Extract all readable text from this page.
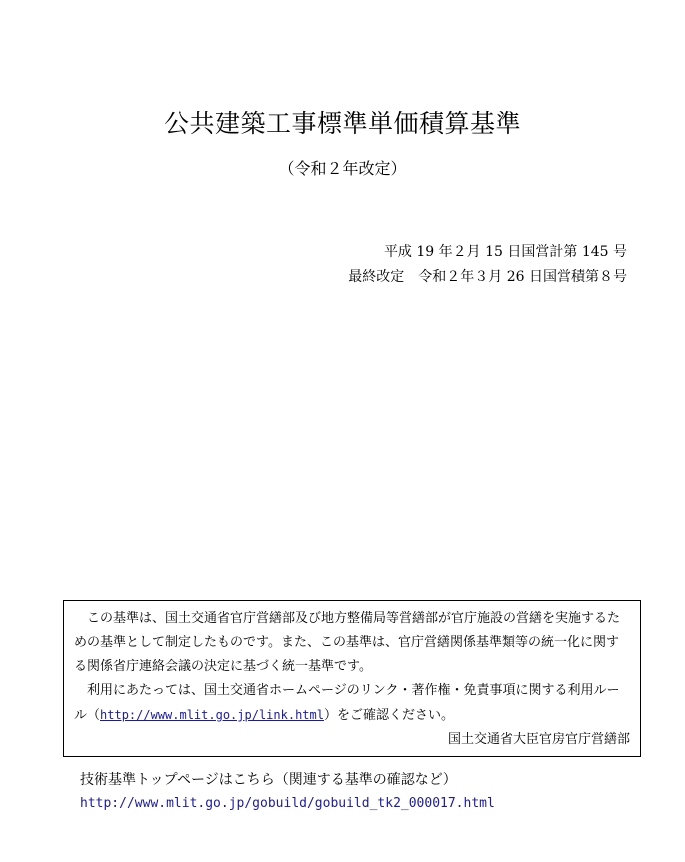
公共建築工事標準単価積算基準
（令和２年改定）
平成 19 年２月 15 日国営計第 145 号
最終改定　令和２年３月 26 日国営積第８号

この基準は、国土交通省官庁営繕部及び地方整備局等営繕部が官庁施設の営繕を実施するための基準として制定したものです。また、この基準は、官庁営繕関係基準類等の統一化に関する関係省庁連絡会議の決定に基づく統一基準です。

利用にあたっては、国土交通省ホームページのリンク・著作権・免責事項に関する利用ルール（http://www.mlit.go.jp/link.html）をご確認ください。

国土交通省大臣官房官庁営繕部
技術基準トップページはこちら（関連する基準の確認など）
http://www.mlit.go.jp/gobuild/gobuild_tk2_000017.html
